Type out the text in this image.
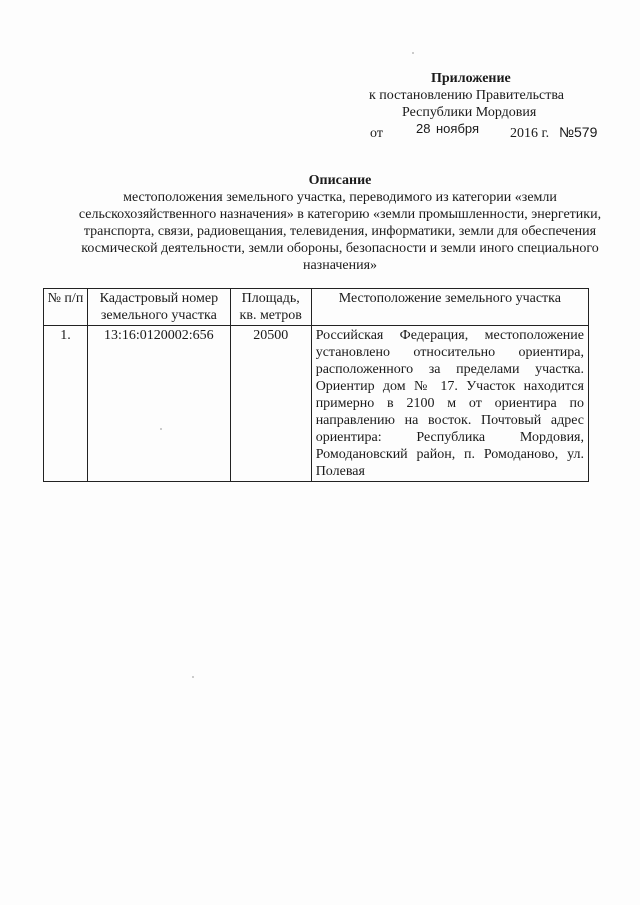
Приложение
к постановлению Правительства
Республики Мордовия
от	28 ноября 2016 г. №579
Описание
местоположения земельного участка, переводимого из категории «земли сельскохозяйственного назначения» в категорию «земли промышленности, энергетики, транспорта, связи, радиовещания, телевидения, информатики, земли для обеспечения космической деятельности, земли обороны, безопасности и земли иного специального назначения»
№ п/п	Кадастровый номер земельного участка	Площадь, кв. метров	Местоположение земельного участка
1.	13:16:0120002:656	20500	Российская Федерация, местоположение установлено относительно ориентира, расположенного за пределами участка. Ориентир дом № 17. Участок находится примерно в 2100 м от ориентира по направлению на восток. Почтовый адрес ориентира: Республика Мордовия, Ромодановский район, п. Ромоданово, ул. Полевая
